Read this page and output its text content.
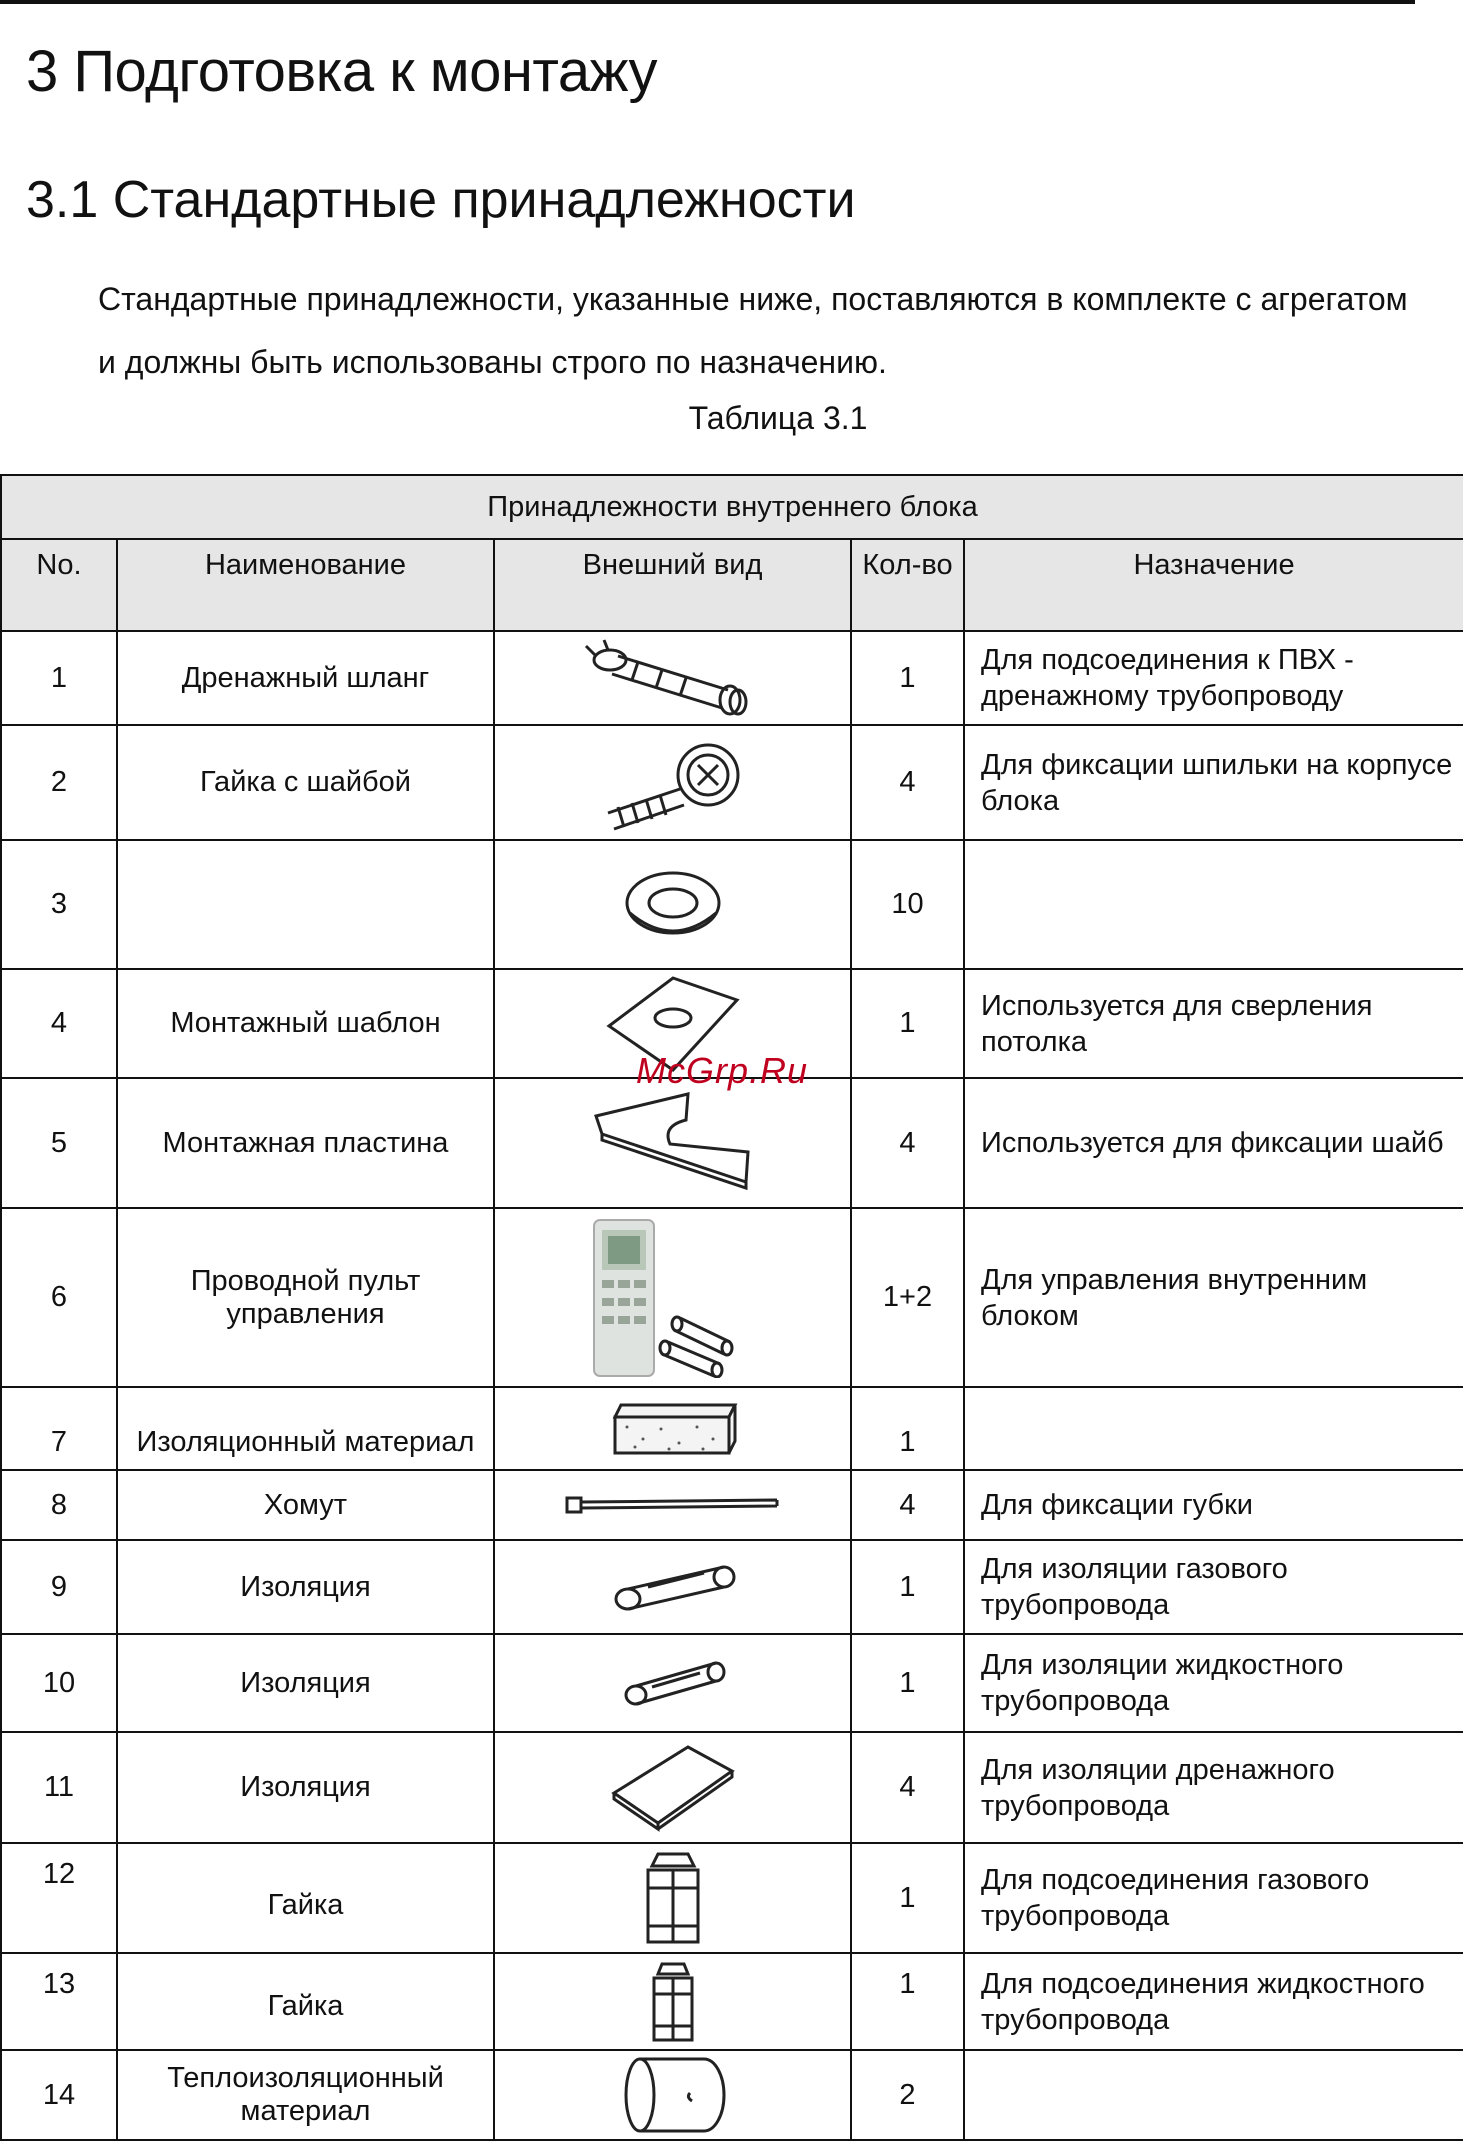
3 Подготовка к монтажу
3.1 Стандартные принадлежности

Стандартные принадлежности, указанные ниже, поставляются в комплекте с агрегатом и должны быть использованы строго по назначению.

Таблица 3.1
Принадлежности внутреннего блока				
No.	Наименование	Внешний вид	Кол-во	Назначение
1	Дренажный шланг		1	Для подсоединения к ПВХ - дренажному трубопроводу
2	Гайка с шайбой		4	Для фиксации шпильки на корпусе блока
3			10	
4	Монтажный шаблон		1	Используется для сверления потолка
5	Монтажная пластина		4	Используется для фиксации шайб
6	Проводной пульт управления		1+2	Для управления внутренним блоком
7	Изоляционный материал		1	
8	Хомут		4	Для фиксации губки
9	Изоляция		1	Для изоляции газового трубопровода
10	Изоляция		1	Для изоляции жидкостного трубопровода
11	Изоляция		4	Для изоляции дренажного трубопровода
12	Гайка		1	Для подсоединения газового трубопровода
13	Гайка		1	Для подсоединения жидкостного трубопровода
14	Теплоизоляционный материал		2	
McGrp.Ru
